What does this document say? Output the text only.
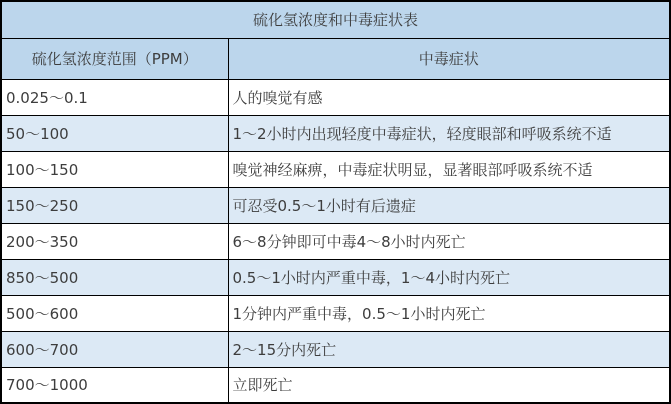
硫化氢浓度和中毒症状表	
硫化氢浓度范围（PPM）	中毒症状
0.025～0.1	人的嗅觉有感
50～100	1～2小时内出现轻度中毒症状，轻度眼部和呼吸系统不适
100～150	嗅觉神经麻痹，中毒症状明显，显著眼部呼吸系统不适
150～250	可忍受0.5～1小时有后遗症
200～350	6～8分钟即可中毒4～8小时内死亡
850～500	0.5～1小时内严重中毒，1～4小时内死亡
500～600	1分钟内严重中毒，0.5～1小时内死亡
600～700	2～15分内死亡
700～1000	立即死亡
